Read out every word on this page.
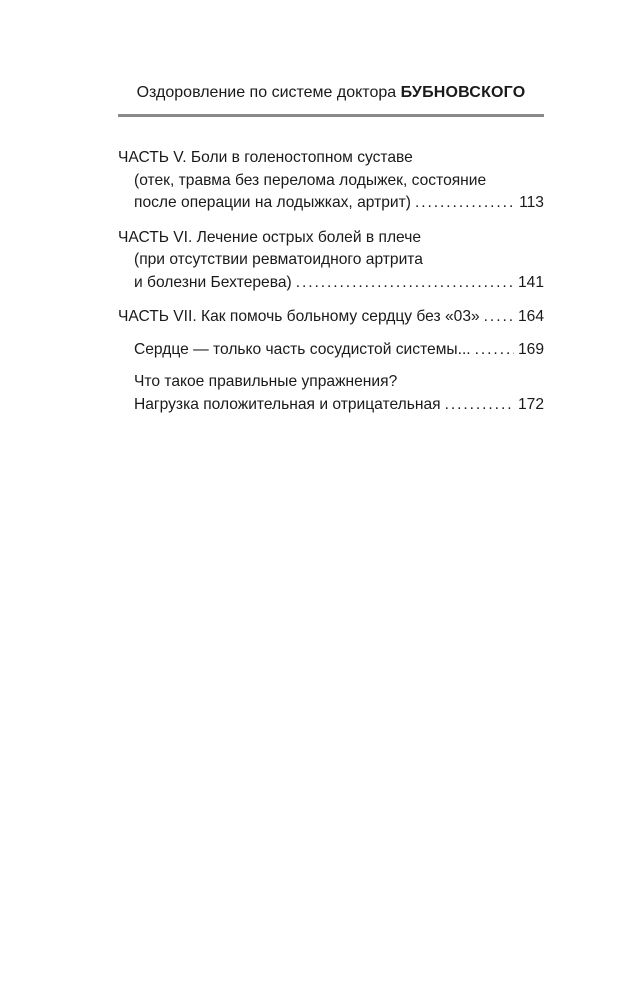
Оздоровление по системе доктора БУБНОВСКОГО
ЧАСТЬ V. Боли в голеностопном суставе
(отек, травма без перелома лодыжек, состояние
после операции на лодыжках, артрит) . . .	113
ЧАСТЬ VI. Лечение острых болей в плече
(при отсутствии ревматоидного артрита
и болезни Бехтерева) . . .	141
ЧАСТЬ VII. Как помочь больному сердцу без «03» . . . 164
Сердце — только часть сосудистой системы... . . .	169
Что такое правильные упражнения?
Нагрузка положительная и отрицательная . . .	172
